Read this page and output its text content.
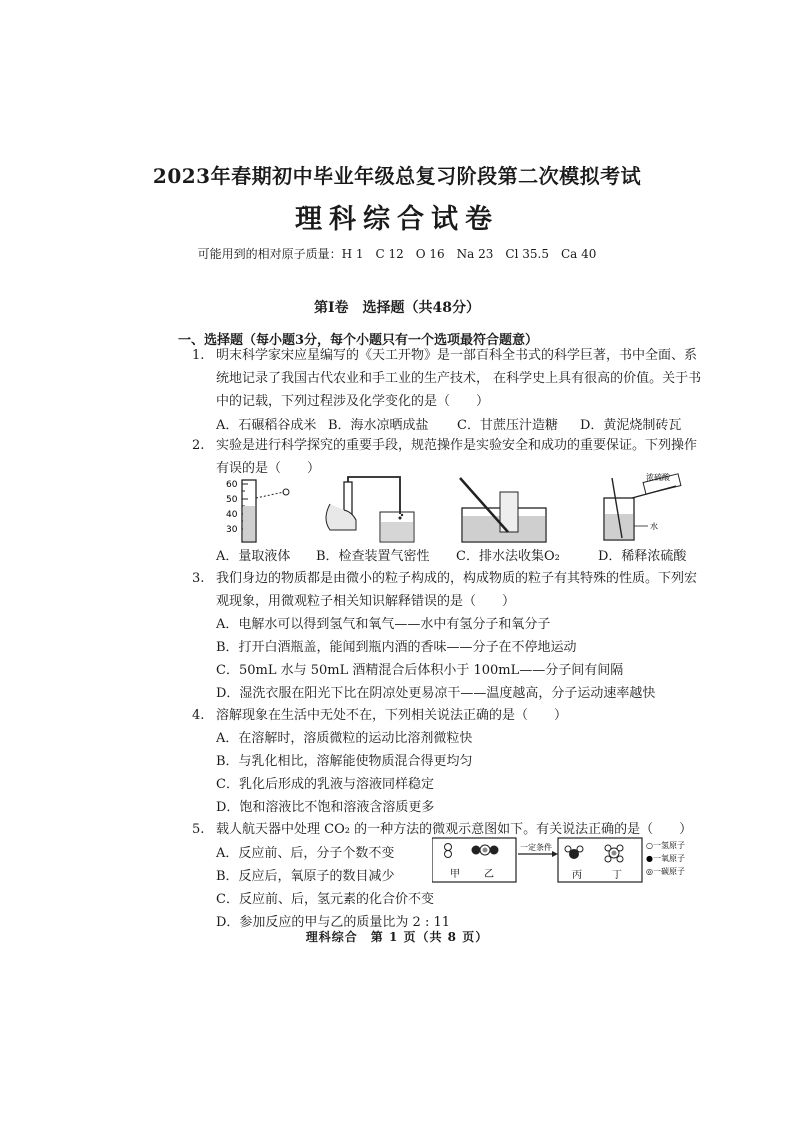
2023年春期初中毕业年级总复习阶段第二次模拟考试
理科综合试卷
可能用到的相对原子质量：H 1　C 12　O 16　Na 23　Cl 35.5　Ca 40
第Ⅰ卷　选择题（共48分）
一、选择题（每小题3分，每个小题只有一个选项最符合题意）
1. 明末科学家宋应星编写的《天工开物》是一部百科全书式的科学巨著，书中全面、系
统地记录了我国古代农业和手工业的生产技术， 在科学史上具有很高的价值。关于书
中的记载，下列过程涉及化学变化的是（　　）
A．石碾稻谷成米 B．海水凉晒成盐 C．甘蔗压汁造糖 D．黄泥烧制砖瓦
2. 实验是进行科学探究的重要手段，规范操作是实验安全和成功的重要保证。下列操作
有误的是（　　）
60
50
40
30
浓硫酸
水
A．量取液体 B．检查装置气密性 C．排水法收集O₂	D．稀释浓硫酸
3. 我们身边的物质都是由微小的粒子构成的，构成物质的粒子有其特殊的性质。下列宏
观现象，用微观粒子相关知识解释错误的是（　　）
A．电解水可以得到氢气和氧气——水中有氢分子和氧分子
B．打开白酒瓶盖，能闻到瓶内酒的香味——分子在不停地运动
C．50mL 水与 50mL 酒精混合后体积小于 100mL——分子间有间隔
D．湿洗衣服在阳光下比在阴凉处更易凉干——温度越高，分子运动速率越快
4. 溶解现象在生活中无处不在，下列相关说法正确的是（　　）
A．在溶解时，溶质微粒的运动比溶剂微粒快
B．与乳化相比，溶解能使物质混合得更均匀
C．乳化后形成的乳液与溶液同样稳定
D．饱和溶液比不饱和溶液含溶质更多
5. 载人航天器中处理 CO₂ 的一种方法的微观示意图如下。有关说法正确的是（　　）
A．反应前、后，分子个数不变
B．反应后，氧原子的数目减少
C．反应前、后，氢元素的化合价不变
D．参加反应的甲与乙的质量比为 2 : 11
甲 乙
一定条件
丙	丁
○一氢原子
●一氧原子
◎一碳原子
理科综合　第 1 页（共 8 页）
